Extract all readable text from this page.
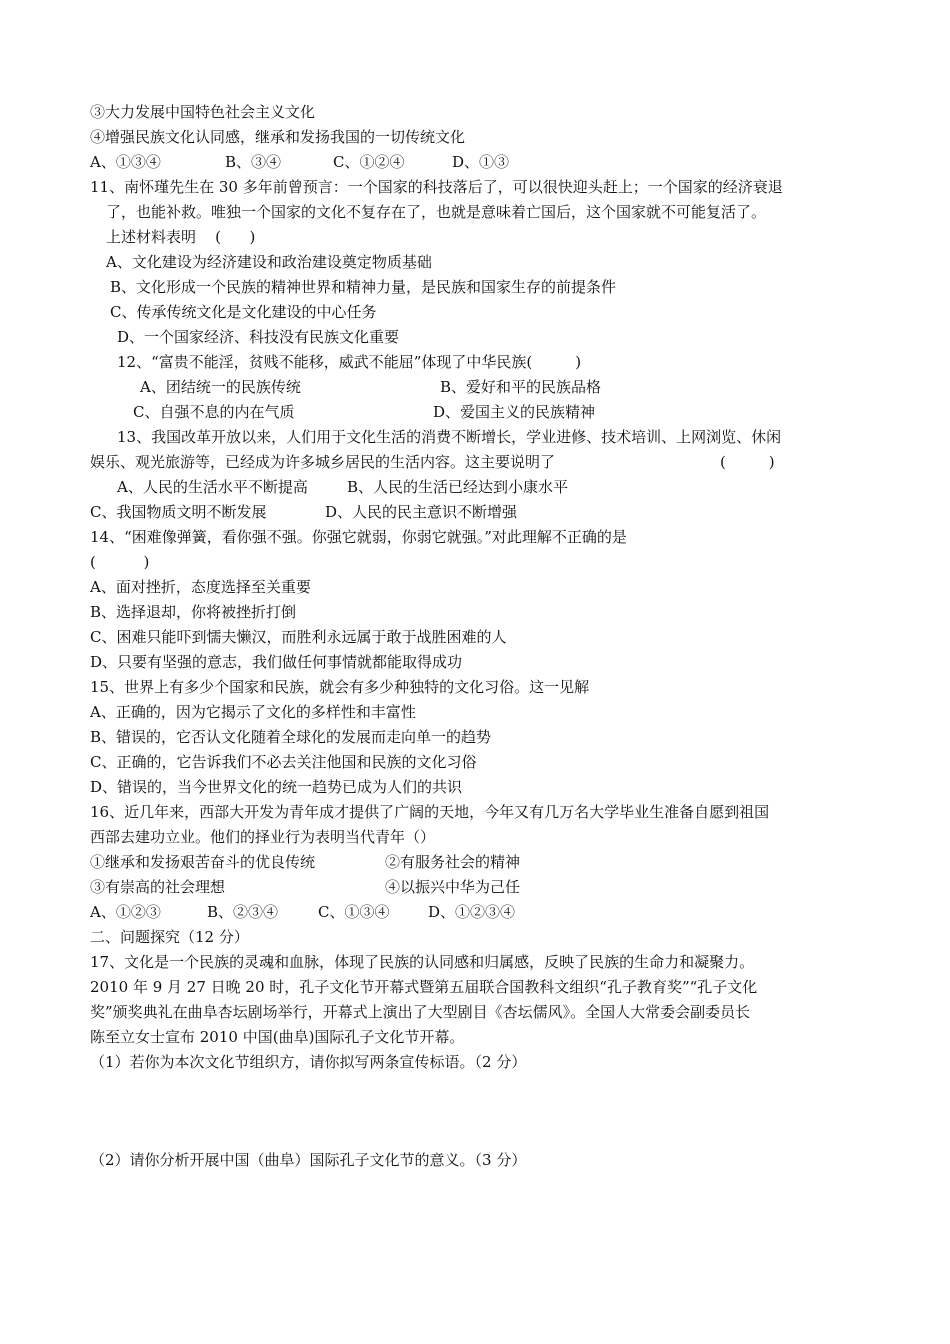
③大力发展中国特色社会主义文化
④增强民族文化认同感，继承和发扬我国的一切传统文化
A、①③④	B、③④	C、①②④	D、①③
11、南怀瑾先生在 30 多年前曾预言：一个国家的科技落后了，可以很快迎头赶上；一个国家的经济衰退
了，也能补救。唯独一个国家的文化不复存在了，也就是意味着亡国后，这个国家就不可能复活了。
上述材料表明    (      )
A、文化建设为经济建设和政治建设奠定物质基础
B、文化形成一个民族的精神世界和精神力量，是民族和国家生存的前提条件
C、传承传统文化是文化建设的中心任务
D、一个国家经济、科技没有民族文化重要
12、“富贵不能淫，贫贱不能移，威武不能屈”体现了中华民族(         )
A、团结统一的民族传统	B、爱好和平的民族品格
C、自强不息的内在气质	D、爱国主义的民族精神
13、我国改革开放以来，人们用于文化生活的消费不断增长，学业进修、技术培训、上网浏览、休闲
娱乐、观光旅游等，已经成为许多城乡居民的生活内容。这主要说明了	(         )
A、人民的生活水平不断提高	B、人民的生活已经达到小康水平
C、我国物质文明不断发展	D、人民的民主意识不断增强
14、“困难像弹簧，看你强不强。你强它就弱，你弱它就强。”对此理解不正确的是
(          )
A、面对挫折，态度选择至关重要
B、选择退却，你将被挫折打倒
C、困难只能吓到懦夫懒汉，而胜利永远属于敢于战胜困难的人
D、只要有坚强的意志，我们做任何事情就都能取得成功
15、世界上有多少个国家和民族，就会有多少种独特的文化习俗。这一见解
A、正确的，因为它揭示了文化的多样性和丰富性
B、错误的，它否认文化随着全球化的发展而走向单一的趋势
C、正确的，它告诉我们不必去关注他国和民族的文化习俗
D、错误的，当今世界文化的统一趋势已成为人们的共识
16、近几年来，西部大开发为青年成才提供了广阔的天地，今年又有几万名大学毕业生准备自愿到祖国
西部去建功立业。他们的择业行为表明当代青年（）
①继承和发扬艰苦奋斗的优良传统	②有服务社会的精神
③有崇高的社会理想	④以振兴中华为己任
A、①②③	B、②③④	C、①③④	D、①②③④
二、问题探究（12 分）
17、文化是一个民族的灵魂和血脉，体现了民族的认同感和归属感，反映了民族的生命力和凝聚力。
2010 年 9 月 27 日晚 20 时，孔子文化节开幕式暨第五届联合国教科文组织“孔子教育奖”“孔子文化
奖”颁奖典礼在曲阜杏坛剧场举行，开幕式上演出了大型剧目《杏坛儒风》。全国人大常委会副委员长
陈至立女士宣布 2010 中国(曲阜)国际孔子文化节开幕。
（1）若你为本次文化节组织方，请你拟写两条宣传标语。（2 分）
（2）请你分析开展中国（曲阜）国际孔子文化节的意义。（3 分）
